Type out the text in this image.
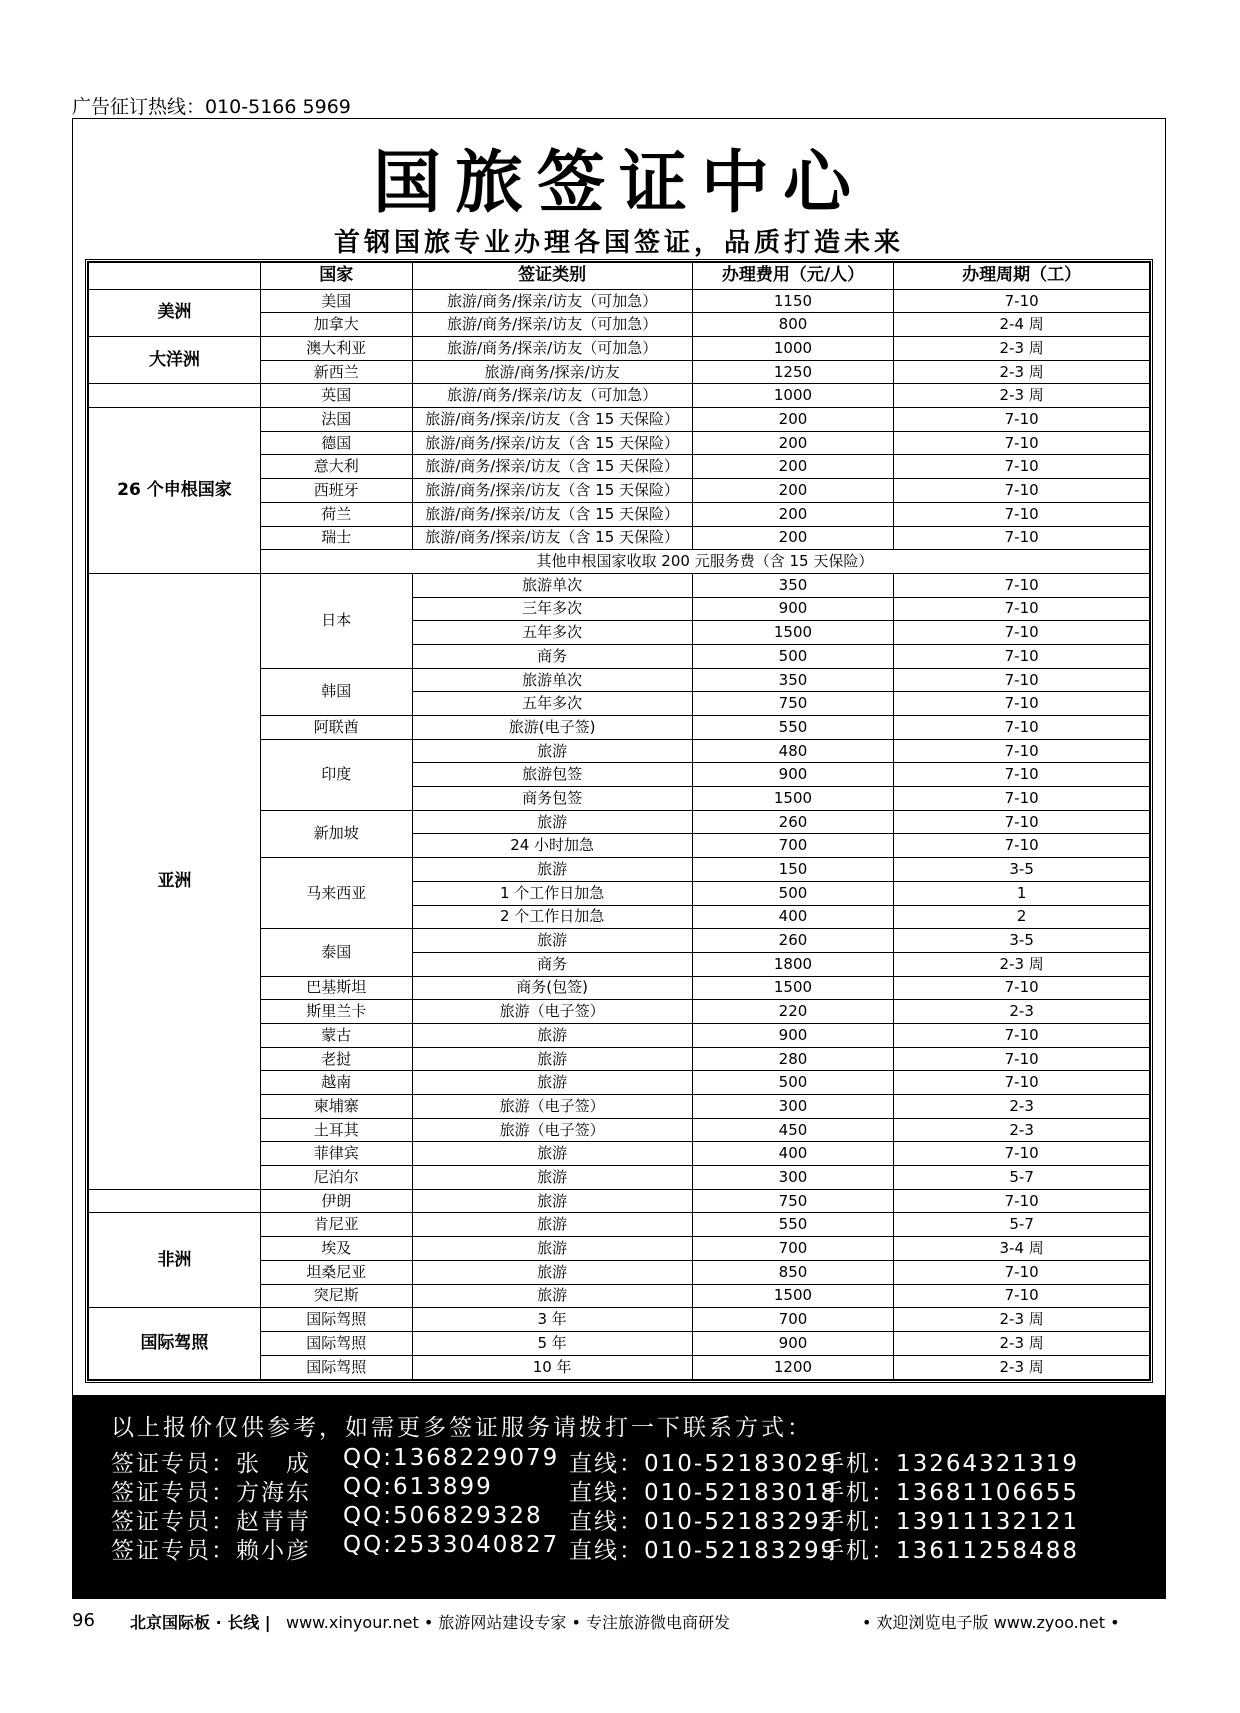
广告征订热线：010-5166 5969
国旅签证中心
首钢国旅专业办理各国签证，品质打造未来
	国家	签证类别	办理费用（元/人）	办理周期（工）
美洲	美国	旅游/商务/探亲/访友（可加急）	1150	7-10
	加拿大	旅游/商务/探亲/访友（可加急）	800	2-4 周
大洋洲	澳大利亚	旅游/商务/探亲/访友（可加急）	1000	2-3 周
	新西兰	旅游/商务/探亲/访友	1250	2-3 周
	英国	旅游/商务/探亲/访友（可加急）	1000	2-3 周
26 个申根国家	法国	旅游/商务/探亲/访友（含 15 天保险）	200	7-10
	德国	旅游/商务/探亲/访友（含 15 天保险）	200	7-10
	意大利	旅游/商务/探亲/访友（含 15 天保险）	200	7-10
	西班牙	旅游/商务/探亲/访友（含 15 天保险）	200	7-10
	荷兰	旅游/商务/探亲/访友（含 15 天保险）	200	7-10
	瑞士	旅游/商务/探亲/访友（含 15 天保险）	200	7-10
	其他申根国家收取 200 元服务费（含 15 天保险）			
亚洲	日本	旅游单次	350	7-10
		三年多次	900	7-10
		五年多次	1500	7-10
		商务	500	7-10
	韩国	旅游单次	350	7-10
		五年多次	750	7-10
	阿联酋	旅游(电子签)	550	7-10
	印度	旅游	480	7-10
		旅游包签	900	7-10
		商务包签	1500	7-10
	新加坡	旅游	260	7-10
		24 小时加急	700	7-10
	马来西亚	旅游	150	3-5
		1 个工作日加急	500	1
		2 个工作日加急	400	2
	泰国	旅游	260	3-5
		商务	1800	2-3 周
	巴基斯坦	商务(包签)	1500	7-10
	斯里兰卡	旅游（电子签）	220	2-3
	蒙古	旅游	900	7-10
	老挝	旅游	280	7-10
	越南	旅游	500	7-10
	柬埔寨	旅游（电子签）	300	2-3
	土耳其	旅游（电子签）	450	2-3
	菲律宾	旅游	400	7-10
	尼泊尔	旅游	300	5-7
	伊朗	旅游	750	7-10
非洲	肯尼亚	旅游	550	5-7
	埃及	旅游	700	3-4 周
	坦桑尼亚	旅游	850	7-10
	突尼斯	旅游	1500	7-10
国际驾照	国际驾照	3 年	700	2-3 周
	国际驾照	5 年	900	2-3 周
	国际驾照	10 年	1200	2-3 周
以上报价仅供参考，如需更多签证服务请拨打一下联系方式：
签证专员：张　成 QQ:1368229079 直线：010-52183029
手机：13264321319
签证专员：方海东 QQ:613899	直线：010-52183018
手机：13681106655
签证专员：赵青青 QQ:506829328 直线：010-52183292
手机：13911132121
签证专员：赖小彦 QQ:2533040827 直线：010-52183299
手机：13611258488
96 北京国际板 · 长线 | www.xinyour.net • 旅游网站建设专家 • 专注旅游微电商研发	• 欢迎浏览电子版 www.zyoo.net •
